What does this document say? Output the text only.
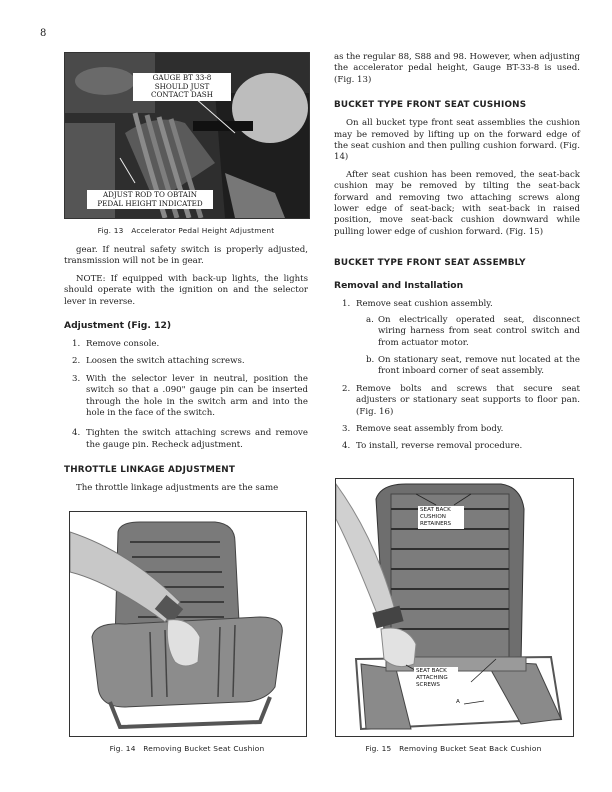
8
GAUGE BT 33-8 SHOULD JUST CONTACT DASH
ADJUST ROD TO OBTAIN PEDAL HEIGHT INDICATED
Fig. 13   Accelerator Pedal Height Adjustment

gear. If neutral safety switch is properly adjusted, transmission will not be in gear.

NOTE: If equipped with back-up lights, the lights should operate with the ignition on and the selector lever in reverse.

Adjustment (Fig. 12)
1. Remove console.
2. Loosen the switch attaching screws.
3. With the selector lever in neutral, position the switch so that a .090" gauge pin can be inserted through the hole in the switch arm and into the hole in the face of the switch.
4. Tighten the switch attaching screws and remove the gauge pin. Recheck adjustment.
THROTTLE LINKAGE ADJUSTMENT

The throttle linkage adjustments are the same

Fig. 14   Removing Bucket Seat Cushion

as the regular 88, S88 and 98. However, when adjusting the accelerator pedal height, Gauge BT-33-8 is used. (Fig. 13)

BUCKET TYPE FRONT SEAT CUSHIONS

On all bucket type front seat assemblies the cushion may be removed by lifting up on the forward edge of the seat cushion and then pulling cushion forward. (Fig. 14)

After seat cushion has been removed, the seat-back cushion may be removed by tilting the seat-back forward and removing two attaching screws along lower edge of seat-back; with seat-back in raised position, move seat-back cushion downward while pulling lower edge of cushion forward. (Fig. 15)

BUCKET TYPE FRONT SEAT ASSEMBLY
Removal and Installation
1. Remove seat cushion assembly.
a. On electrically operated seat, disconnect wiring harness from seat control switch and from actuator motor.
b. On stationary seat, remove nut located at the front inboard corner of seat assembly.
2. Remove bolts and screws that secure seat adjusters or stationary seat supports to floor pan. (Fig. 16)
3. Remove seat assembly from body.
4. To install, reverse removal procedure.
SEAT BACK CUSHION RETAINERS
SEAT BACK ATTACHING SCREWS
A
Fig. 15   Removing Bucket Seat Back Cushion
